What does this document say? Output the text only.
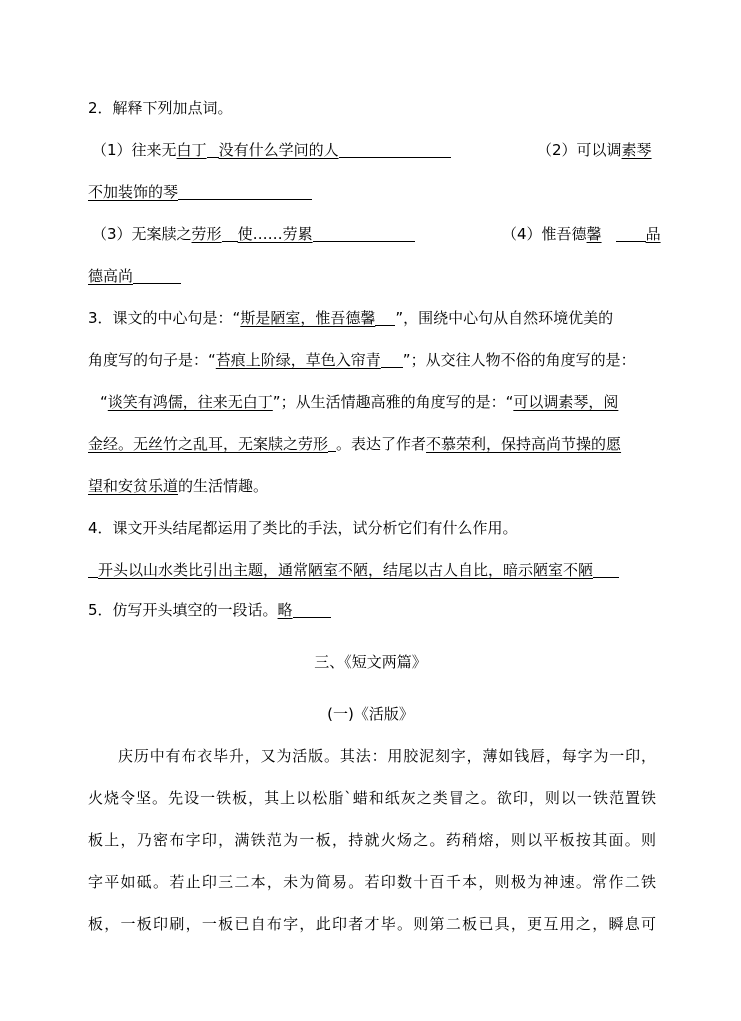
2．解释下列加点词。
（1）往来无白丁 没有什么学问的人	（2）可以调素琴
不加装饰的琴
（3）无案牍之劳形 使……劳累	（4）惟吾德馨	品
德高尚
3．课文的中心句是：“斯是陋室，惟吾德馨 ”，围绕中心句从自然环境优美的
角度写的句子是：“苔痕上阶绿，草色入帘青 ”；从交往人物不俗的角度写的是：
“谈笑有鸿儒，往来无白丁”；从生活情趣高雅的角度写的是：“可以调素琴，阅
金经。无丝竹之乱耳，无案牍之劳形 。表达了作者不慕荣利，保持高尚节操的愿
望和安贫乐道的生活情趣。
4．课文开头结尾都运用了类比的手法，试分析它们有什么作用。
开头以山水类比引出主题，通常陋室不陋，结尾以古人自比，暗示陋室不陋
5．仿写开头填空的一段话。略
三、《短文两篇》
(一)《活版》
庆历中有布衣毕升，又为活版。其法：用胶泥刻字，薄如钱唇，每字为一印，
火烧令坚。先设一铁板，其上以松脂`蜡和纸灰之类冒之。欲印，则以一铁范置铁
板上，乃密布字印，满铁范为一板，持就火炀之。药稍熔，则以平板按其面。则
字平如砥。若止印三二本，未为简易。若印数十百千本，则极为神速。常作二铁
板，一板印刷，一板已自布字，此印者才毕。则第二板已具，更互用之，瞬息可
